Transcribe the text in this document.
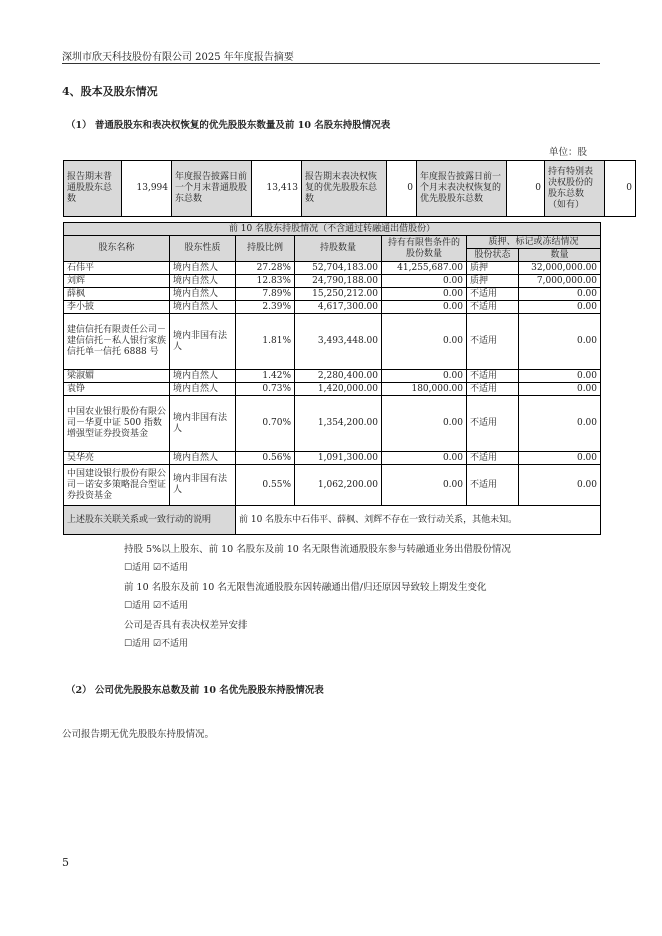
深圳市欣天科技股份有限公司 2025 年年度报告摘要
4、股本及股东情况
（1） 普通股股东和表决权恢复的优先股股东数量及前 10 名股东持股情况表
单位：股
报告期末普通股股东总数	13,994	年度报告披露日前一个月末普通股股东总数	13,413	报告期末表决权恢复的优先股股东总数	0	年度报告披露日前一个月末表决权恢复的优先股股东总数	0	持有特别表决权股份的股东总数（如有）	0
前 10 名股东持股情况（不含通过转融通出借股份）						
股东名称	股东性质	持股比例	持股数量	持有有限售条件的股份数量	质押、标记或冻结情况	
					股份状态	数量
石伟平	境内自然人	27.28%	52,704,183.00	41,255,687.00	质押	32,000,000.00
刘辉	境内自然人	12.83%	24,790,188.00	0.00	质押	7,000,000.00
薛枫	境内自然人	7.89%	15,250,212.00	0.00	不适用	0.00
李小披	境内自然人	2.39%	4,617,300.00	0.00	不适用	0.00
建信信托有限责任公司－建信信托－私人银行家族信托单一信托 6888 号	境内非国有法人	1.81%	3,493,448.00	0.00	不适用	0.00
梁淑媚	境内自然人	1.42%	2,280,400.00	0.00	不适用	0.00
袁铮	境内自然人	0.73%	1,420,000.00	180,000.00	不适用	0.00
中国农业银行股份有限公司－华夏中证 500 指数增强型证券投资基金	境内非国有法人	0.70%	1,354,200.00	0.00	不适用	0.00
吴华亮	境内自然人	0.56%	1,091,300.00	0.00	不适用	0.00
中国建设银行股份有限公司－诺安多策略混合型证券投资基金	境内非国有法人	0.55%	1,062,200.00	0.00	不适用	0.00
上述股东关联关系或一致行动的说明		前 10 名股东中石伟平、薛枫、刘辉不存在一致行动关系，其他未知。				
持股 5%以上股东、前 10 名股东及前 10 名无限售流通股股东参与转融通业务出借股份情况
☐适用 ☑不适用
前 10 名股东及前 10 名无限售流通股股东因转融通出借/归还原因导致较上期发生变化
☐适用 ☑不适用
公司是否具有表决权差异安排
☐适用 ☑不适用
（2） 公司优先股股东总数及前 10 名优先股股东持股情况表
公司报告期无优先股股东持股情况。
5
